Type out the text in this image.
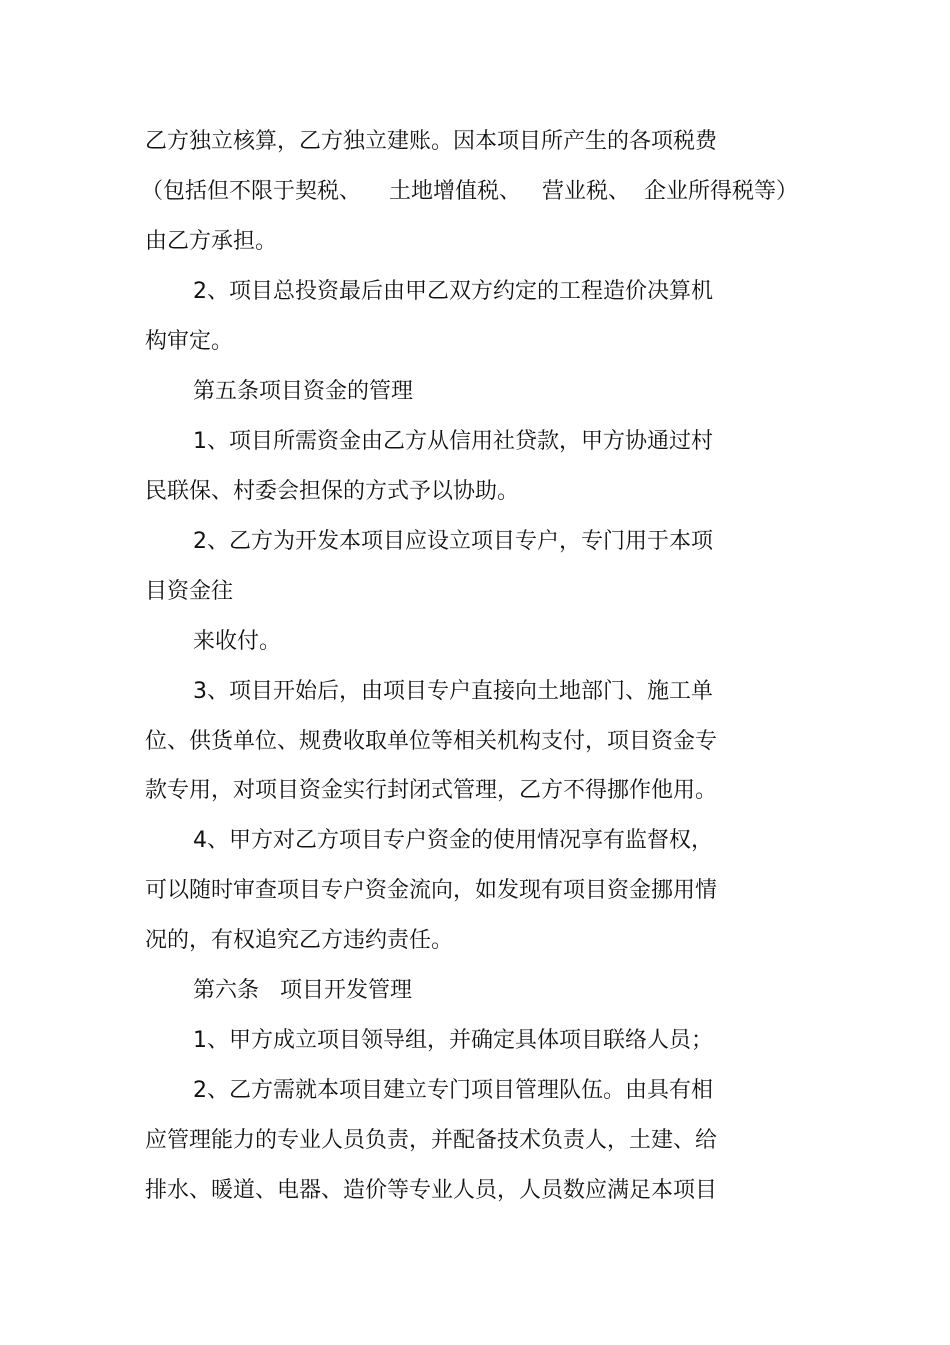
乙方独立核算，乙方独立建账。因本项目所产生的各项税费
（包括但不限于契税、    土地增值税、   营业税、  企业所得税等）
由乙方承担。
2、项目总投资最后由甲乙双方约定的工程造价决算机
构审定。
第五条项目资金的管理
1、项目所需资金由乙方从信用社贷款，甲方协通过村
民联保、村委会担保的方式予以协助。
2、乙方为开发本项目应设立项目专户，专门用于本项
目资金往
来收付。
3、项目开始后，由项目专户直接向土地部门、施工单
位、供货单位、规费收取单位等相关机构支付，项目资金专
款专用，对项目资金实行封闭式管理，乙方不得挪作他用。
4、甲方对乙方项目专户资金的使用情况享有监督权，
可以随时审查项目专户资金流向，如发现有项目资金挪用情
况的，有权追究乙方违约责任。
第六条   项目开发管理
1、甲方成立项目领导组，并确定具体项目联络人员；
2、乙方需就本项目建立专门项目管理队伍。由具有相
应管理能力的专业人员负责，并配备技术负责人，土建、给
排水、暖道、电器、造价等专业人员，人员数应满足本项目
